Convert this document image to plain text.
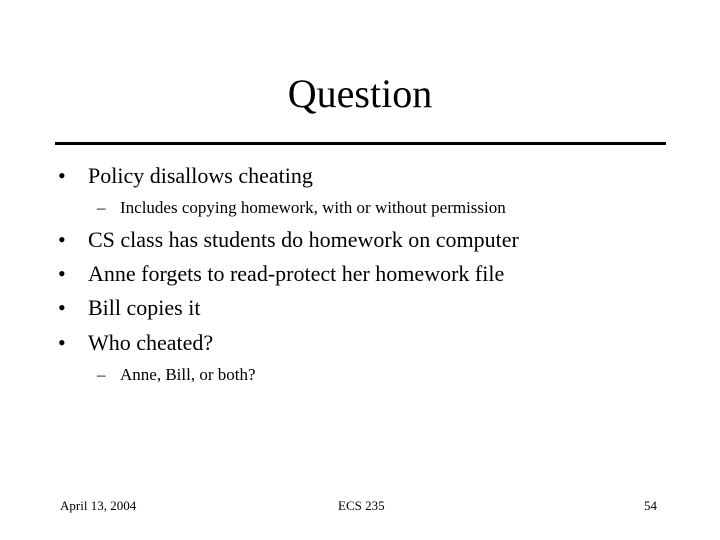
Question
• Policy disallows cheating
– Includes copying homework, with or without permission
• CS class has students do homework on computer
• Anne forgets to read-protect her homework file
• Bill copies it
• Who cheated?
– Anne, Bill, or both?
April 13, 2004	ECS 235	54
